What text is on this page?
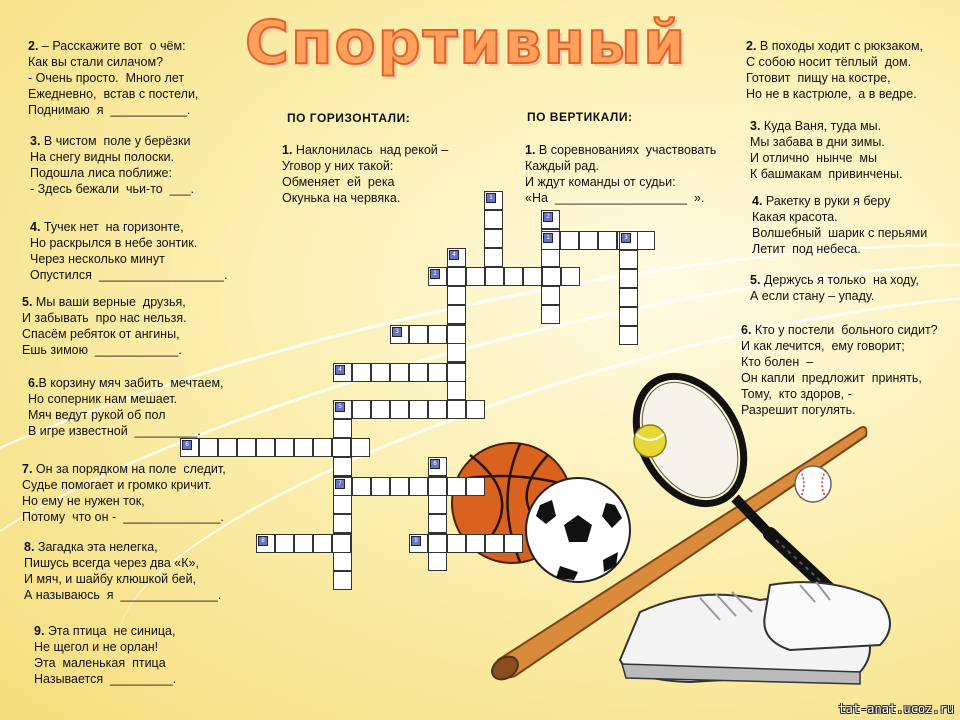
Спортивный
ПО ГОРИЗОНТАЛИ:	ПО ВЕРТИКАЛИ:
1. Наклонилась  над рекой –
Уговор у них такой:
Обменяет  ей  река
Окунька на червяка.
1. В соревнованиях  участвовать
Каждый рад.
И ждут команды от судьи:
«На  ___________________  ».
2. – Расскажите вот  о чём:
Как вы стали силачом?
- Очень просто.  Много лет
Ежедневно,  встав с постели,
Поднимаю  я  ___________.
3. В чистом  поле у берёзки
На снегу видны полоски.
Подошла лиса поближе:
- Здесь бежали  чьи-то  ___.
4. Тучек нет  на горизонте,
Но раскрылся в небе зонтик.
Через несколько минут
Опустился  __________________.
5. Мы ваши верные  друзья,
И забывать  про нас нельзя.
Спасём ребяток от ангины,
Ешь зимою  ____________.
6.В корзину мяч забить  мечтаем,
Но соперник нам мешает.
Мяч ведут рукой об пол
В игре известной  _________.
7. Он за порядком на поле  следит,
Судье помогает и громко кричит.
Но ему не нужен ток,
Потому  что он -  ______________.
8. Загадка эта нелегка,
Пишусь всегда через два «К»,
И мяч, и шайбу клюшкой бей,
А называюсь  я  ______________.
9. Эта птица  не синица,
Не щегол и не орлан!
Эта  маленькая  птица
Называется  _________.
2. В походы ходит с рюкзаком,
С собою носит тёплый  дом.
Готовит  пищу на костре,
Но не в кастрюле,  а в ведре.
3. Куда Ваня, туда мы.
Мы забава в дни зимы.
И отлично  нынче  мы
К башмакам  привинчены.
4. Ракетку в руки я беру
Какая красота.
Волшебный  шарик с перьями
Летит  под небеса.
5. Держусь я только  на ходу,
А если стану – упаду.
6. Кто у постели  больного сидит?
И как лечится,  ему говорит;
Кто болен  –
Он капли  предложит  принять,
Тому,  кто здоров, -
Разрешит погулять.
1
2
1	3
4
2
3
4
5
6
6
7
8	9
tat-anat.ucoz.ru
